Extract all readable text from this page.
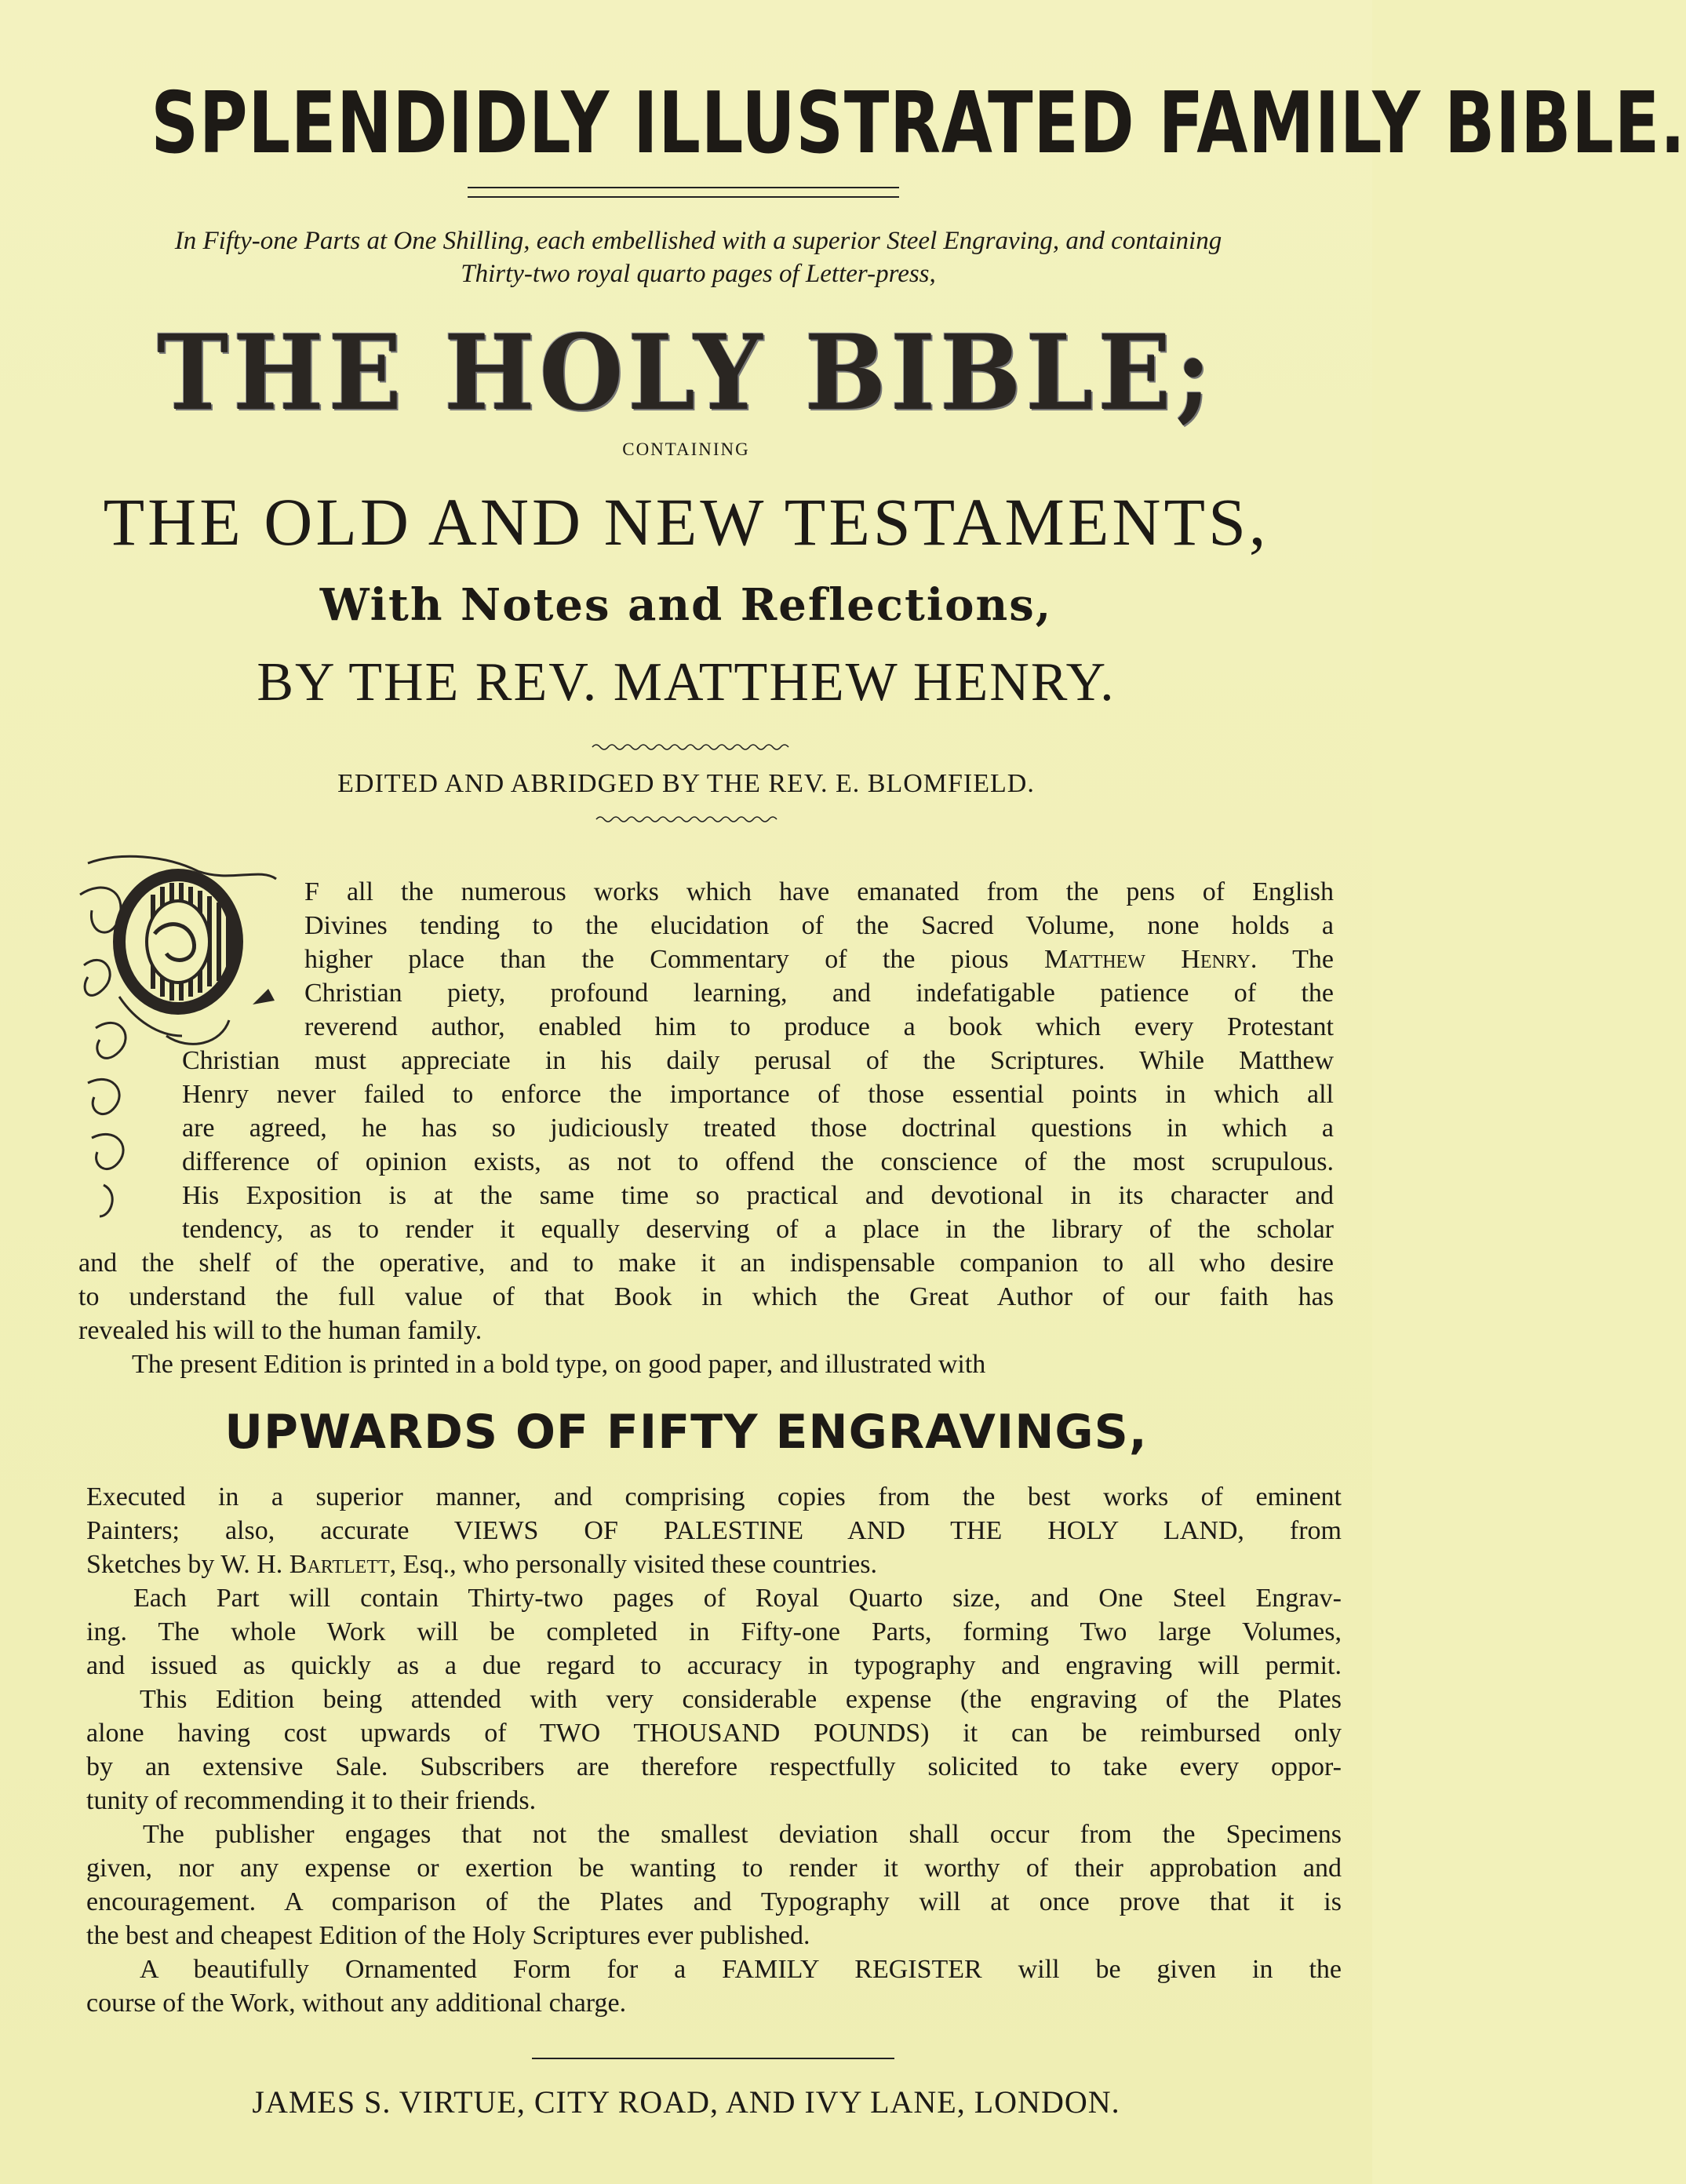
SPLENDIDLY ILLUSTRATED FAMILY BIBLE.
In Fifty-one Parts at One Shilling, each embellished with a superior Steel Engraving, and containing
Thirty-two royal quarto pages of Letter-press,
THE HOLY BIBLE;
CONTAINING
THE OLD AND NEW TESTAMENTS,
With Notes and Reflections,
BY THE REV. MATTHEW HENRY.
EDITED AND ABRIDGED BY THE REV. E. BLOMFIELD.
F all the numerous works which have emanated from the pens of English
Divines tending to the elucidation of the Sacred Volume, none holds a
higher place than the Commentary of the pious Matthew Henry. The
Christian piety, profound learning, and indefatigable patience of the
reverend author, enabled him to produce a book which every Protestant
Christian must appreciate in his daily perusal of the Scriptures. While Matthew
Henry never failed to enforce the importance of those essential points in which all
are agreed, he has so judiciously treated those doctrinal questions in which a
difference of opinion exists, as not to offend the conscience of the most scrupulous.
His Exposition is at the same time so practical and devotional in its character and
tendency, as to render it equally deserving of a place in the library of the scholar
and the shelf of the operative, and to make it an indispensable companion to all who desire
to understand the full value of that Book in which the Great Author of our faith has
revealed his will to the human family.
The present Edition is printed in a bold type, on good paper, and illustrated with
UPWARDS OF FIFTY ENGRAVINGS,
Executed in a superior manner, and comprising copies from the best works of eminent
Painters; also, accurate VIEWS OF PALESTINE AND THE HOLY LAND, from
Sketches by W. H. Bartlett, Esq., who personally visited these countries.
Each Part will contain Thirty-two pages of Royal Quarto size, and One Steel Engrav-
ing. The whole Work will be completed in Fifty-one Parts, forming Two large Volumes,
and issued as quickly as a due regard to accuracy in typography and engraving will permit.
This Edition being attended with very considerable expense (the engraving of the Plates
alone having cost upwards of TWO THOUSAND POUNDS) it can be reimbursed only
by an extensive Sale. Subscribers are therefore respectfully solicited to take every oppor-
tunity of recommending it to their friends.
The publisher engages that not the smallest deviation shall occur from the Specimens
given, nor any expense or exertion be wanting to render it worthy of their approbation and
encouragement. A comparison of the Plates and Typography will at once prove that it is
the best and cheapest Edition of the Holy Scriptures ever published.
A beautifully Ornamented Form for a FAMILY REGISTER will be given in the
course of the Work, without any additional charge.
JAMES S. VIRTUE, CITY ROAD, AND IVY LANE, LONDON.
